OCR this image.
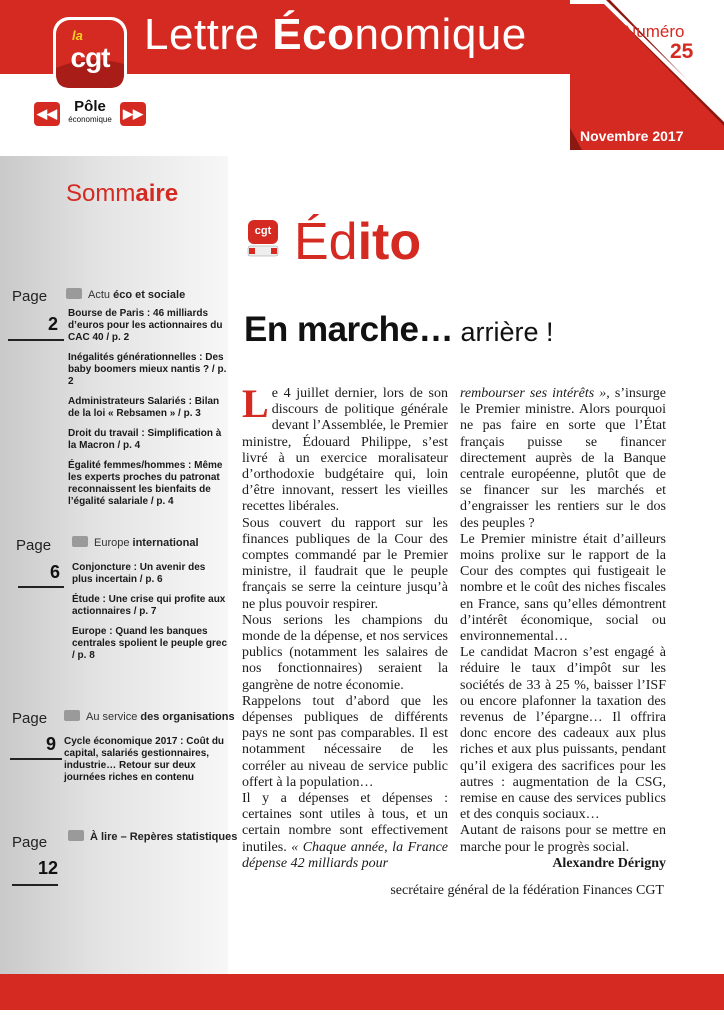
Lettre Économique	Numéro
25
Novembre 2017
la
cgt
◀◀	Pôle
économique ▶▶
Sommaire
Page
2
Actu éco et sociale

Bourse de Paris : 46 milliards d’euros pour les actionnaires du CAC 40 / p. 2

Inégalités générationnelles : Des baby boomers mieux nantis ? / p. 2

Administrateurs Salariés : Bilan de la loi « Rebsamen » / p. 3

Droit du travail : Simplification à la Macron / p. 4

Égalité femmes/hommes : Même les experts proches du patronat reconnaissent les bienfaits de l’égalité salariale / p. 4

Page
6
Europe international

Conjoncture : Un avenir des plus incertain / p. 6

Étude : Une crise qui profite aux actionnaires / p. 7

Europe : Quand les banques centrales spolient le peuple grec / p. 8

Page
9
Au service des organisations

Cycle économique 2017 : Coût du capital, salariés gestionnaires, industrie… Retour sur deux journées riches en contenu

Page
12
À lire – Repères statistiques
cgt Édito
En marche… arrière !

Le 4 juillet dernier, lors de son discours de politique générale devant l’Assemblée, le Premier ministre, Édouard Philippe, s’est livré à un exercice moralisateur d’orthodoxie budgétaire qui, loin d’être innovant, ressert les vieilles recettes libérales.

Sous couvert du rapport sur les finances publiques de la Cour des comptes commandé par le Premier ministre, il faudrait que le peuple français se serre la ceinture jusqu’à ne plus pouvoir respirer.

Nous serions les champions du monde de la dépense, et nos services publics (notamment les salaires de nos fonctionnaires) seraient la gangrène de notre économie.

Rappelons tout d’abord que les dépenses publiques de différents pays ne sont pas comparables. Il est notamment nécessaire de les corréler au niveau de service public offert à la population…

Il y a dépenses et dépenses : certaines sont utiles à tous, et un certain nombre sont effectivement inutiles. « Chaque année, la France dépense 42 milliards pour

rembourser ses intérêts », s’insurge le Premier ministre. Alors pourquoi ne pas faire en sorte que l’État français puisse se financer directement auprès de la Banque centrale européenne, plutôt que de se financer sur les marchés et d’engraisser les rentiers sur le dos des peuples ?

Le Premier ministre était d’ailleurs moins prolixe sur le rapport de la Cour des comptes qui fustigeait le nombre et le coût des niches fiscales en France, sans qu’elles démontrent d’intérêt économique, social ou environnemental…

Le candidat Macron s’est engagé à réduire le taux d’impôt sur les sociétés de 33 à 25 %, baisser l’ISF ou encore plafonner la taxation des revenus de l’épargne… Il offrira donc encore des cadeaux aux plus riches et aux plus puissants, pendant qu’il exigera des sacrifices pour les autres : augmentation de la CSG, remise en cause des services publics et des conquis sociaux…

Autant de raisons pour se mettre en marche pour le progrès social.

Alexandre Dérigny

secrétaire général de la fédération Finances CGT
